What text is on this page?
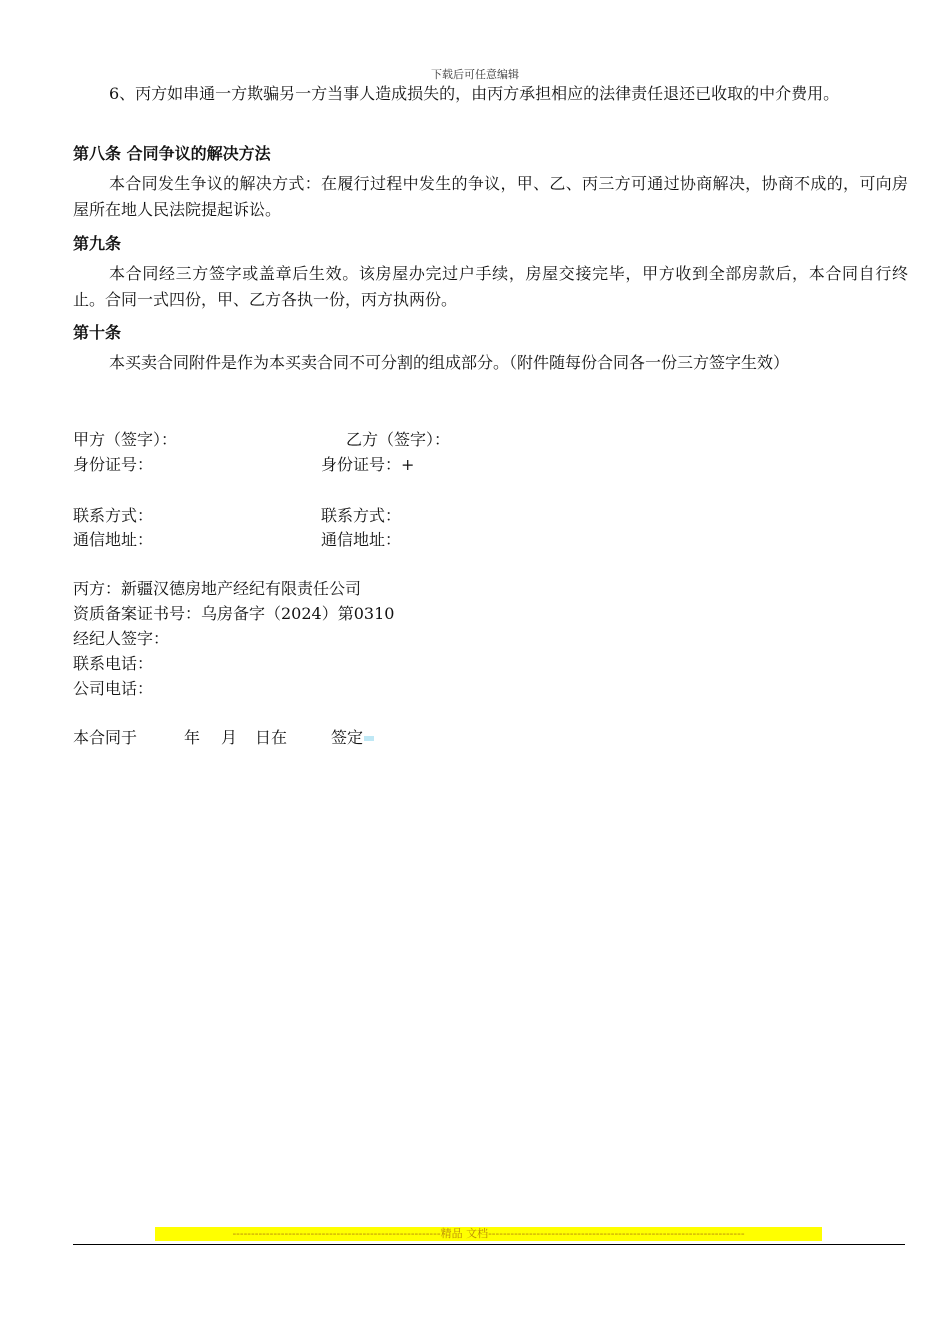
下载后可任意编辑
6、丙方如串通一方欺骗另一方当事人造成损失的，由丙方承担相应的法律责任退还已收取的中介费用。
第八条 合同争议的解决方法
本合同发生争议的解决方式：在履行过程中发生的争议，甲、乙、丙三方可通过协商解决，协商不成的，可向房屋所在地人民法院提起诉讼。
第九条
本合同经三方签字或盖章后生效。该房屋办完过户手续，房屋交接完毕，甲方收到全部房款后，本合同自行终止。合同一式四份，甲、乙方各执一份，丙方执两份。
第十条
本买卖合同附件是作为本买卖合同不可分割的组成部分。（附件随每份合同各一份三方签字生效）
甲方（签字）：	乙方（签字）：
身份证号：	身份证号：+
联系方式：	联系方式：
通信地址：	通信地址：
丙方：新疆汉德房地产经纪有限责任公司
资质备案证书号：乌房备字（2024）第0310
经纪人签字：
联系电话：
公司电话：
本合同于	年 月 日在	签定
--------------------------------------------------------精品 文档---------------------------------------------------------------------
